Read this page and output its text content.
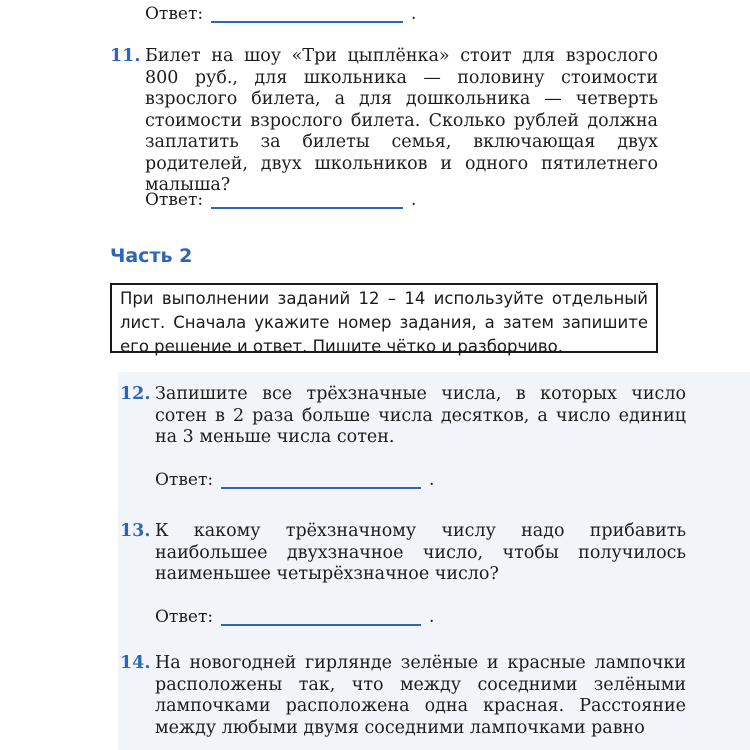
Ответ:	.
11. Билет на шоу «Три цыплёнка» стоит для взрослого 800 руб., для школьника — половину стоимости взрослого билета, а для дошкольника — четверть стоимости взрослого билета. Сколько рублей должна заплатить за билеты семья, включающая двух родителей, двух школьников и одного пятилетнего малыша?
Ответ:	.
Часть 2
При выполнении заданий 12 – 14 используйте отдельный лист. Сначала укажите номер задания, а затем запишите его решение и ответ. Пишите чётко и разборчиво.
12. Запишите все трёхзначные числа, в которых число сотен в 2 раза больше числа десятков, а число единиц на 3 меньше числа сотен.
Ответ:	.
13. К какому трёхзначному числу надо прибавить наибольшее двухзначное число, чтобы получилось наименьшее четырёхзначное число?
Ответ:	.
14. На новогодней гирлянде зелёные и красные лампочки расположены так, что между соседними зелёными лампочками расположена одна красная. Расстояние между любыми двумя соседними лампочками равно
